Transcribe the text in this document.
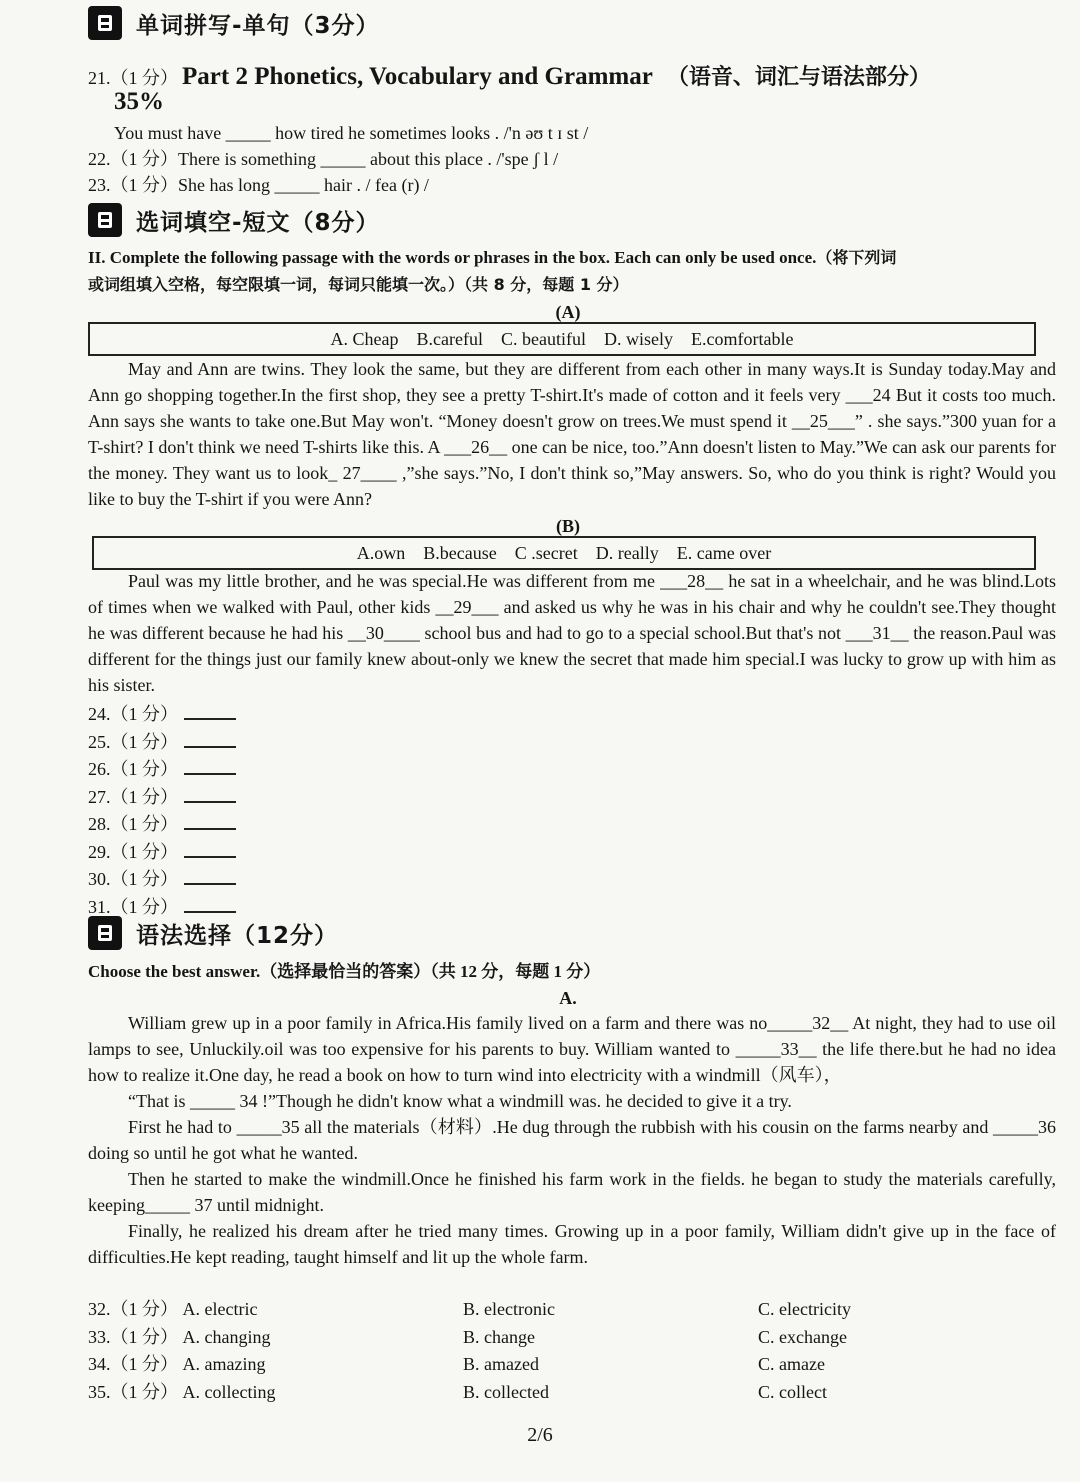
单词拼写-单句（3分）
21.（1 分） Part 2 Phonetics, Vocabulary and Grammar （语音、词汇与语法部分）
35%
You must have _____ how tired he sometimes looks . /'n əʊ t ɪ st /
22.（1 分）There is something _____ about this place . /'spe ʃ l /
23.（1 分）She has long _____ hair . / fea (r) /
选词填空-短文（8分）
II. Complete the following passage with the words or phrases in the box. Each can only be used once.（将下列词
或词组填入空格，每空限填一词，每词只能填一次。）（共 8 分，每题 1 分）
(A)
A. Cheap B.careful C. beautiful D. wisely E.comfortable

May and Ann are twins. They look the same, but they are different from each other in many ways.It is Sunday today.May and Ann go shopping together.In the first shop, they see a pretty T-shirt.It's made of cotton and it feels very ___24 But it costs too much. Ann says she wants to take one.But May won't. “Money doesn't grow on trees.We must spend it __25___” . she says.”300 yuan for a T-shirt? I don't think we need T-shirts like this. A ___26__ one can be nice, too.”Ann doesn't listen to May.”We can ask our parents for the money. They want us to look_ 27____ ,”she says.”No, I don't think so,”May answers. So, who do you think is right? Would you like to buy the T-shirt if you were Ann?

(B)
A.own B.because C .secret D. really E. came over

Paul was my little brother, and he was special.He was different from me ___28__ he sat in a wheelchair, and he was blind.Lots of times when we walked with Paul, other kids __29___ and asked us why he was in his chair and why he couldn't see.They thought he was different because he had his __30____ school bus and had to go to a special school.But that's not ___31__ the reason.Paul was different for the things just our family knew about-only we knew the secret that made him special.I was lucky to grow up with him as his sister.

24.（1 分）
25.（1 分）
26.（1 分）
27.（1 分）
28.（1 分）
29.（1 分）
30.（1 分）
31.（1 分）
语法选择（12分）
Choose the best answer.（选择最恰当的答案）（共 12 分，每题 1 分）
A.

William grew up in a poor family in Africa.His family lived on a farm and there was no_____32__ At night, they had to use oil lamps to see, Unluckily.oil was too expensive for his parents to buy. William wanted to _____33__ the life there.but he had no idea how to realize it.One day, he read a book on how to turn wind into electricity with a windmill（风车），

“That is _____ 34 !”Though he didn't know what a windmill was. he decided to give it a try.

First he had to _____35 all the materials（材料）.He dug through the rubbish with his cousin on the farms nearby and _____36 doing so until he got what he wanted.

Then he started to make the windmill.Once he finished his farm work in the fields. he began to study the materials carefully, keeping_____ 37 until midnight.

Finally, he realized his dream after he tried many times. Growing up in a poor family, William didn't give up in the face of difficulties.He kept reading, taught himself and lit up the whole farm.

32.（1 分） A. electric	B. electronic	C. electricity
33.（1 分） A. changing	B. change	C. exchange
34.（1 分） A. amazing	B. amazed	C. amaze
35.（1 分） A. collecting	B. collected	C. collect
2/6
